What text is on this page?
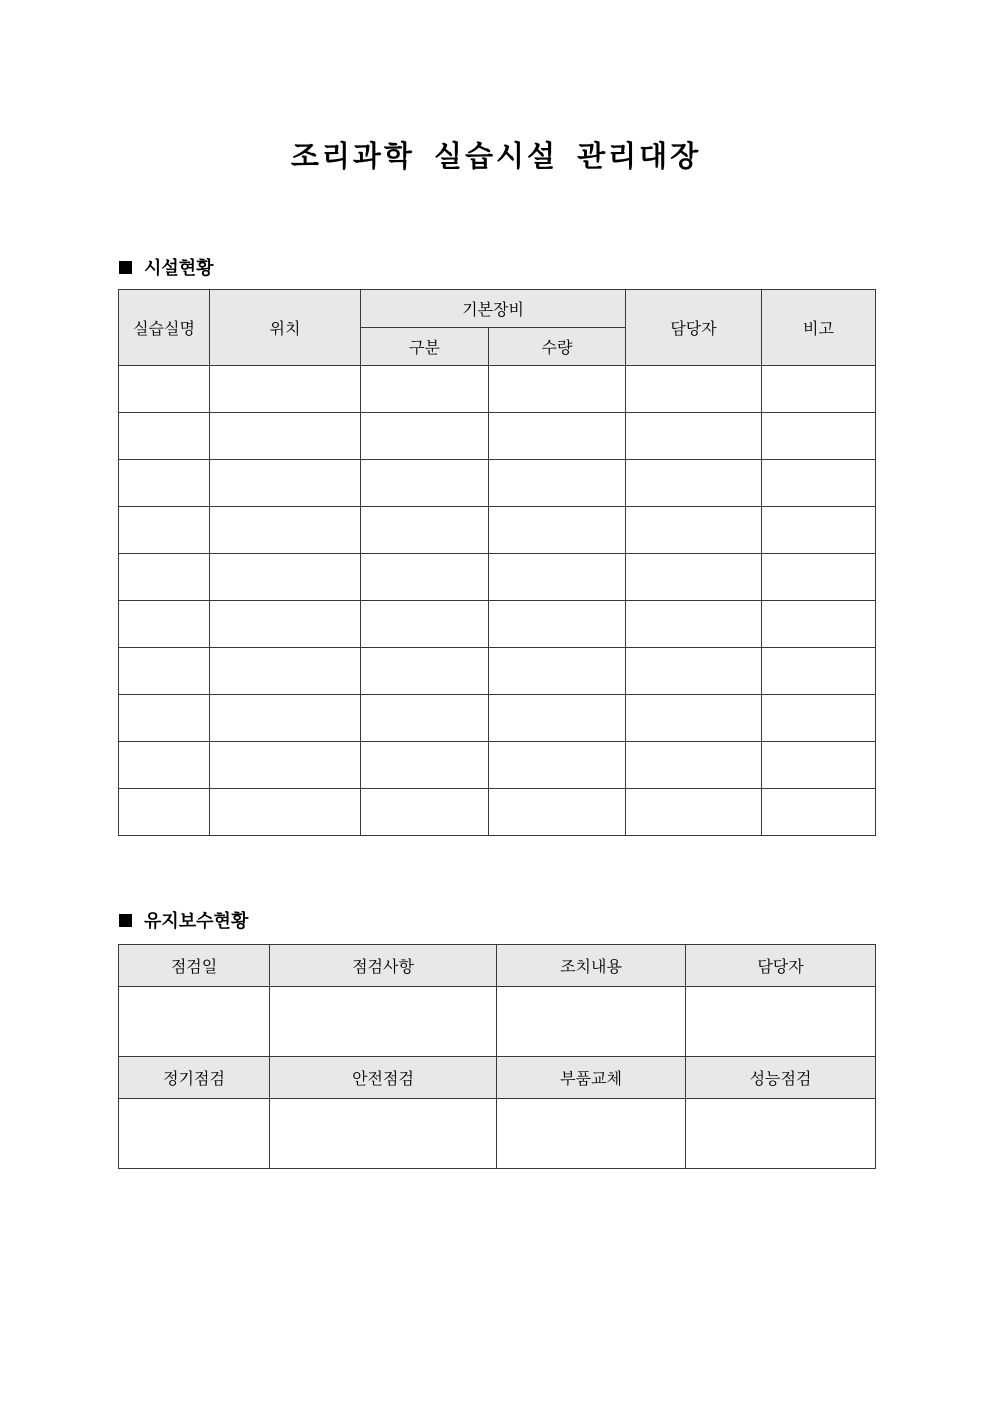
조리과학 실습시설 관리대장
시설현황
실습실명	위치	기본장비		담당자	비고
		구분	수량		

유지보수현황
점검일	점검사항	조치내용	담당자

정기점검	안전점검	부품교체	성능점검
